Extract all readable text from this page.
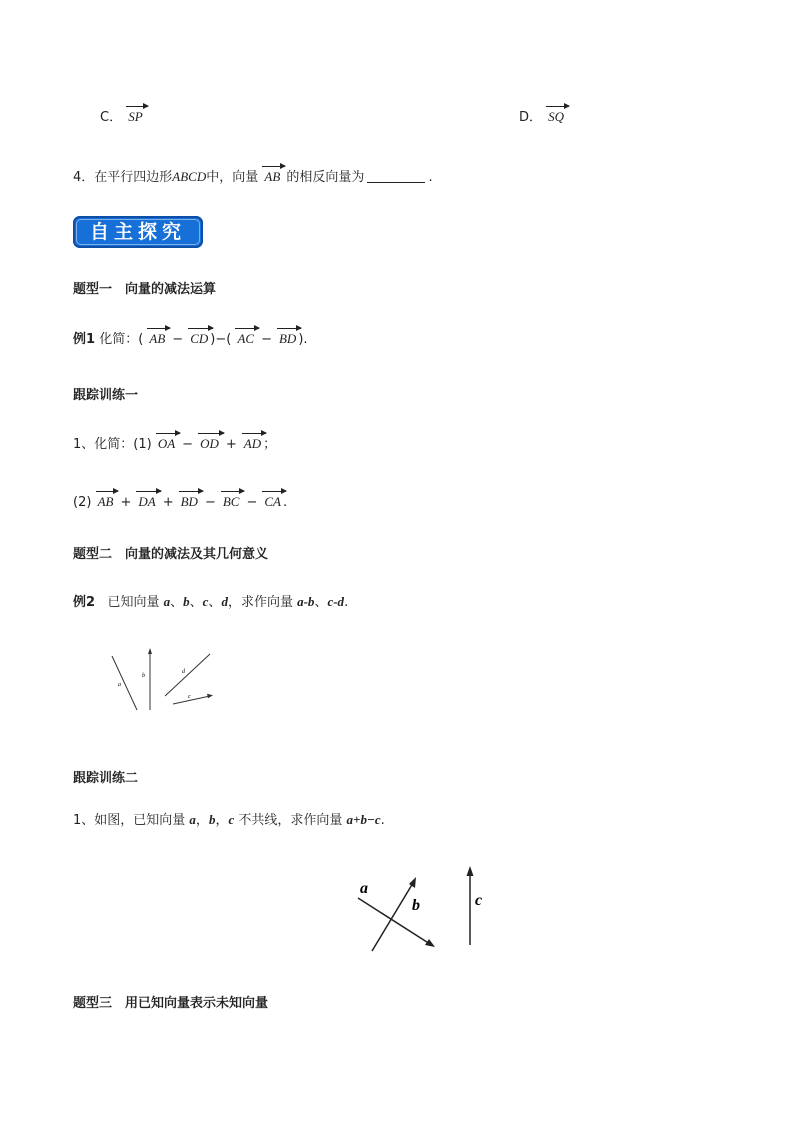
C． SP	D． SQ
4．在平行四边形ABCD中，向量 AB 的相反向量为	.
自主探究
题型一　向量的减法运算
例1 化简：( AB − CD )−( AC − BD ).
跟踪训练一
1、化简：(1) OA − OD + AD ；
(2) AB + DA + BD − BC − CA .
题型二　向量的减法及其几何意义
例2 已知向量 a、b、c、d，求作向量 a-b、c-d.
a
b
d
c
跟踪训练二
1、如图，已知向量 a，b，c 不共线，求作向量 a+b−c.
a
b	c
题型三　用已知向量表示未知向量
